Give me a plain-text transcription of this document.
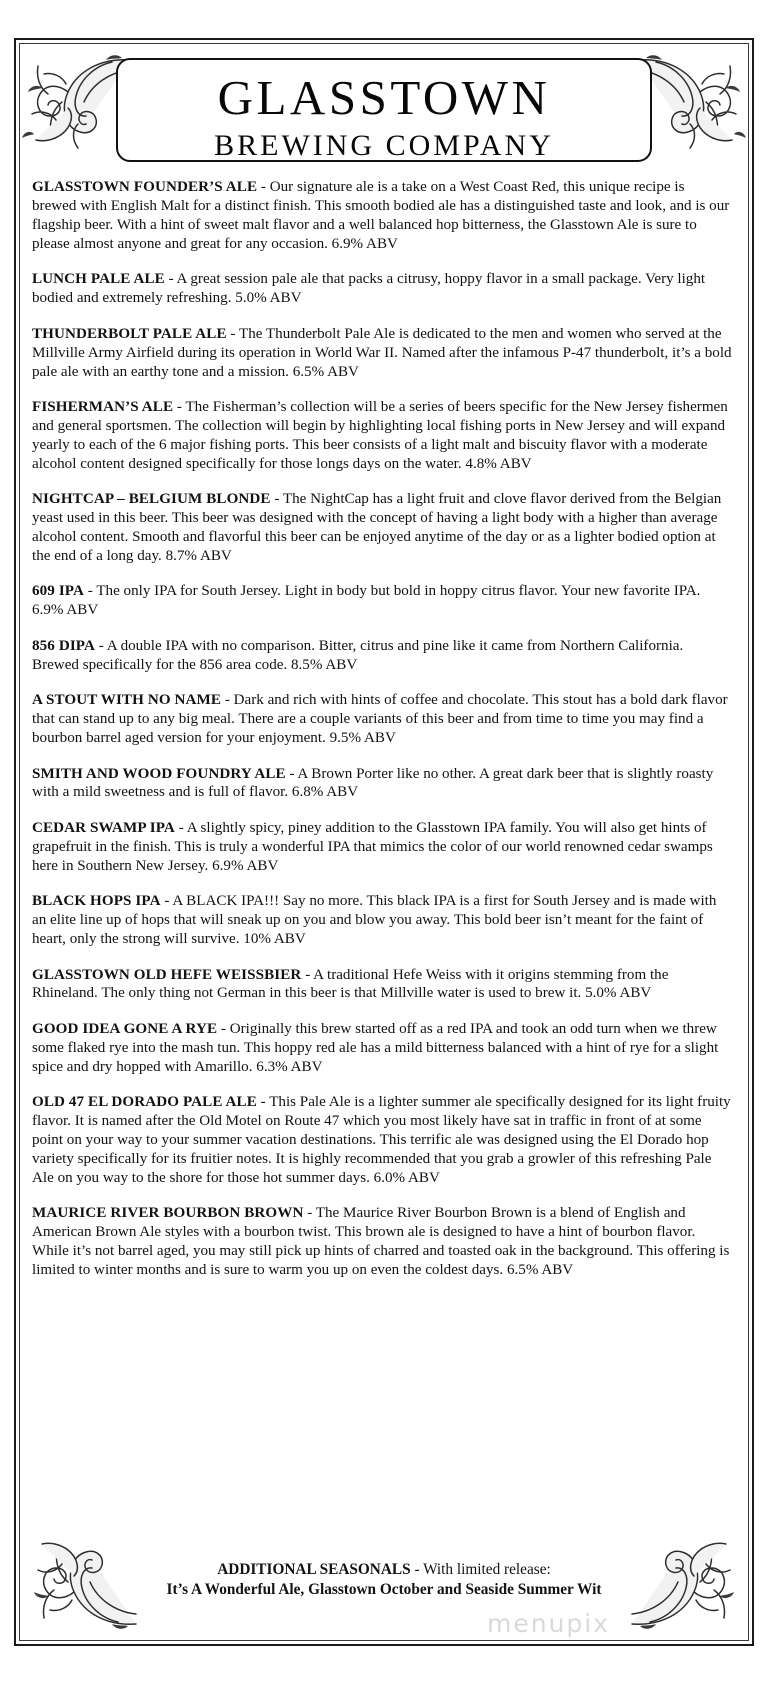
GLASSTOWN
BREWING COMPANY

GLASSTOWN FOUNDER’S ALE - Our signature ale is a take on a West Coast Red, this unique recipe is brewed with English Malt for a distinct finish. This smooth bodied ale has a distinguished taste and look, and is our flagship beer. With a hint of sweet malt flavor and a well balanced hop bitterness, the Glasstown Ale is sure to please almost anyone and great for any occasion. 6.9% ABV

LUNCH PALE ALE - A great session pale ale that packs a citrusy, hoppy flavor in a small package. Very light bodied and extremely refreshing. 5.0% ABV

THUNDERBOLT PALE ALE - The Thunderbolt Pale Ale is dedicated to the men and women who served at the Millville Army Airfield during its operation in World War II. Named after the infamous P-47 thunderbolt, it’s a bold pale ale with an earthy tone and a mission. 6.5% ABV

FISHERMAN’S ALE - The Fisherman’s collection will be a series of beers specific for the New Jersey fishermen and general sportsmen. The collection will begin by highlighting local fishing ports in New Jersey and will expand yearly to each of the 6 major fishing ports. This beer consists of a light malt and biscuity flavor with a moderate alcohol content designed specifically for those longs days on the water. 4.8% ABV

NIGHTCAP – BELGIUM BLONDE - The NightCap has a light fruit and clove flavor derived from the Belgian yeast used in this beer. This beer was designed with the concept of having a light body with a higher than average alcohol content. Smooth and flavorful this beer can be enjoyed anytime of the day or as a lighter bodied option at the end of a long day. 8.7% ABV

609 IPA - The only IPA for South Jersey. Light in body but bold in hoppy citrus flavor. Your new favorite IPA. 6.9% ABV

856 DIPA - A double IPA with no comparison. Bitter, citrus and pine like it came from Northern California. Brewed specifically for the 856 area code. 8.5% ABV

A STOUT WITH NO NAME - Dark and rich with hints of coffee and chocolate. This stout has a bold dark flavor that can stand up to any big meal. There are a couple variants of this beer and from time to time you may find a bourbon barrel aged version for your enjoyment. 9.5% ABV

SMITH AND WOOD FOUNDRY ALE - A Brown Porter like no other. A great dark beer that is slightly roasty with a mild sweetness and is full of flavor. 6.8% ABV

CEDAR SWAMP IPA - A slightly spicy, piney addition to the Glasstown IPA family. You will also get hints of grapefruit in the finish. This is truly a wonderful IPA that mimics the color of our world renowned cedar swamps here in Southern New Jersey. 6.9% ABV

BLACK HOPS IPA - A BLACK IPA!!! Say no more. This black IPA is a first for South Jersey and is made with an elite line up of hops that will sneak up on you and blow you away. This bold beer isn’t meant for the faint of heart, only the strong will survive. 10% ABV

GLASSTOWN OLD HEFE WEISSBIER - A traditional Hefe Weiss with it origins stemming from the Rhineland. The only thing not German in this beer is that Millville water is used to brew it. 5.0% ABV

GOOD IDEA GONE A RYE - Originally this brew started off as a red IPA and took an odd turn when we threw some flaked rye into the mash tun. This hoppy red ale has a mild bitterness balanced with a hint of rye for a slight spice and dry hopped with Amarillo. 6.3% ABV

OLD 47 EL DORADO PALE ALE - This Pale Ale is a lighter summer ale specifically designed for its light fruity flavor. It is named after the Old Motel on Route 47 which you most likely have sat in traffic in front of at some point on your way to your summer vacation destinations. This terrific ale was designed using the El Dorado hop variety specifically for its fruitier notes. It is highly recommended that you grab a growler of this refreshing Pale Ale on you way to the shore for those hot summer days. 6.0% ABV

MAURICE RIVER BOURBON BROWN - The Maurice River Bourbon Brown is a blend of English and American Brown Ale styles with a bourbon twist. This brown ale is designed to have a hint of bourbon flavor. While it’s not barrel aged, you may still pick up hints of charred and toasted oak in the background. This offering is limited to winter months and is sure to warm you up on even the coldest days. 6.5% ABV

ADDITIONAL SEASONALS - With limited release:
It’s A Wonderful Ale, Glasstown October and Seaside Summer Wit
menupix
